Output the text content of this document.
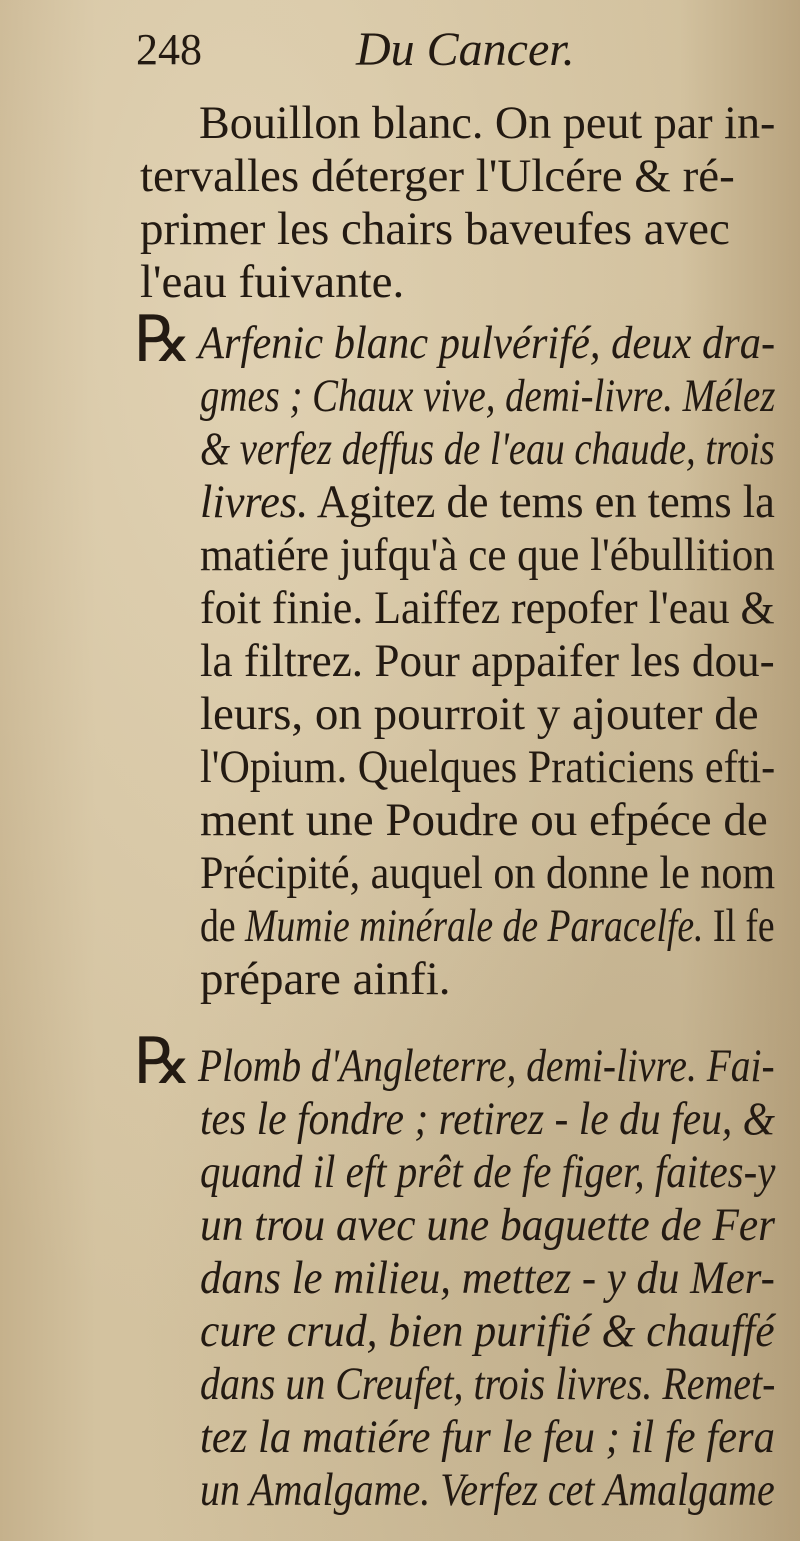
248	Du Cancer.
Bouillon blanc. On peut par in-
tervalles déterger l'Ulcére & ré-
primer les chairs baveufes avec
l'eau fuivante.
℞ Arfenic blanc pulvérifé, deux dra-
gmes ; Chaux vive, demi-livre. Mélez
& verfez deffus de l'eau chaude, trois
livres. Agitez de tems en tems la
matiére jufqu'à ce que l'ébullition
foit finie. Laiffez repofer l'eau &
la filtrez. Pour appaifer les dou-
leurs, on pourroit y ajouter de
l'Opium. Quelques Praticiens efti-
ment une Poudre ou efpéce de
Précipité, auquel on donne le nom
de Mumie minérale de Paracelfe. Il fe
prépare ainfi.
℞ Plomb d'Angleterre, demi-livre. Fai-
tes le fondre ; retirez - le du feu, &
quand il eft prêt de fe figer, faites-y
un trou avec une baguette de Fer
dans le milieu, mettez - y du Mer-
cure crud, bien purifié & chauffé
dans un Creufet, trois livres. Remet-
tez la matiére fur le feu ; il fe fera
un Amalgame. Verfez cet Amalgame
